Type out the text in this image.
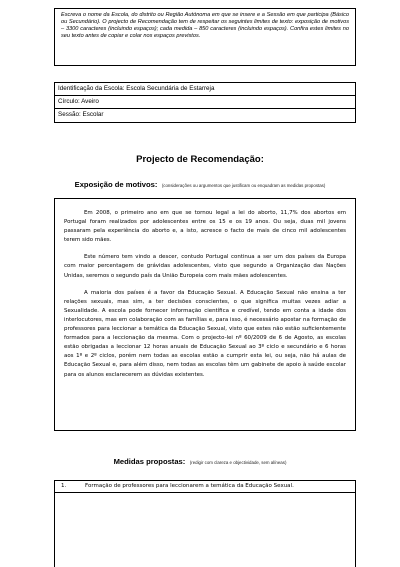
Escreva o nome da Escola, do distrito ou Região Autónoma em que se insere e a Sessão em que participa (Básico ou Secundário). O projecto de Recomendação tem de respeitar os seguintes limites de texto: exposição de motivos – 3300 caracteres (incluindo espaços); cada medida – 850 caracteres (incluindo espaços). Confira estes limites no seu texto antes de copiar e colar nos espaços previstos.
Identificação da Escola: Escola Secundária de Estarreja
Círculo: Aveiro
Sessão: Escolar
Projecto de Recomendação:
Exposição de motivos: (considerações ou argumentos que justificam ou enquadram as medidas propostas)

Em 2008, o primeiro ano em que se tornou legal a lei do aborto, 11,7% dos abortos em Portugal foram realizados por adolescentes entre os 15 e os 19 anos. Ou seja, duas mil jovens passaram pela experiência do aborto e, a isto, acresce o facto de mais de cinco mil adolescentes terem sido mães.

Este número tem vindo a descer, contudo Portugal continua a ser um dos países da Europa com maior percentagem de grávidas adolescentes, visto que segundo a Organização das Nações Unidas, seremos o segundo país da União Europeia com mais mães adolescentes.

A maioria dos países é a favor da Educação Sexual. A Educação Sexual não ensina a ter relações sexuais, mas sim, a ter decisões conscientes, o que significa muitas vezes adiar a Sexualidade. A escola pode fornecer informação científica e credível, tendo em conta a idade dos interlocutores, mas em colaboração com as famílias e, para isso, é necessário apostar na formação de professores para leccionar a temática da Educação Sexual, visto que estes não estão suficientemente formados para a leccionação da mesma. Com o projecto-lei nº 60/2009 de 6 de Agosto, as escolas estão obrigadas a leccionar 12 horas anuais de Educação Sexual ao 3º ciclo e secundário e 6 horas aos 1º e 2º ciclos, porém nem todas as escolas estão a cumprir esta lei, ou seja, não há aulas de Educação Sexual e, para além disso, nem todas as escolas têm um gabinete de apoio à saúde escolar para os alunos esclarecerem as dúvidas existentes.

Medidas propostas: (redigir com clareza e objectividade, sem alíneas)
1.	Formação de professores para leccionarem a temática da Educação Sexual.
